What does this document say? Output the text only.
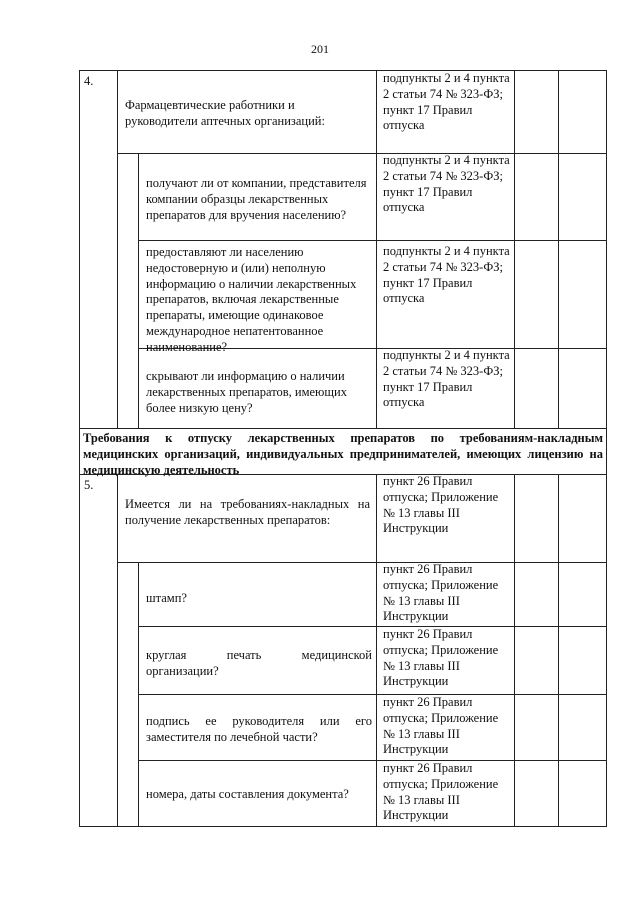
201
4.
Фармацевтические работники и руководители аптечных организаций:
подпункты 2 и 4 пункта 2 статьи 74 № 323-ФЗ; пункт 17 Правил отпуска
получают ли от компании, представителя компании образцы лекарственных препаратов для вручения населению?
подпункты 2 и 4 пункта 2 статьи 74 № 323-ФЗ; пункт 17 Правил отпуска
предоставляют ли населению недостоверную и (или) неполную информацию о наличии лекарственных препаратов, включая лекарственные препараты, имеющие одинаковое международное непатентованное наименование?
подпункты 2 и 4 пункта 2 статьи 74 № 323-ФЗ; пункт 17 Правил отпуска
скрывают ли информацию о наличии лекарственных препаратов, имеющих более низкую цену?
подпункты 2 и 4 пункта 2 статьи 74 № 323-ФЗ; пункт 17 Правил отпуска
Требования к отпуску лекарственных препаратов по требованиям-накладным медицинских организаций, индивидуальных предпринимателей, имеющих лицензию на медицинскую деятельность
5.
Имеется ли на требованиях-накладных на получение лекарственных препаратов:
пункт 26 Правил отпуска; Приложение № 13 главы III Инструкции
штамп?
пункт 26 Правил отпуска; Приложение № 13 главы III Инструкции
круглая печать медицинской организации?
пункт 26 Правил отпуска; Приложение № 13 главы III Инструкции
подпись ее руководителя или его заместителя по лечебной части?
пункт 26 Правил отпуска; Приложение № 13 главы III Инструкции
номера, даты составления документа?
пункт 26 Правил отпуска; Приложение № 13 главы III Инструкции
